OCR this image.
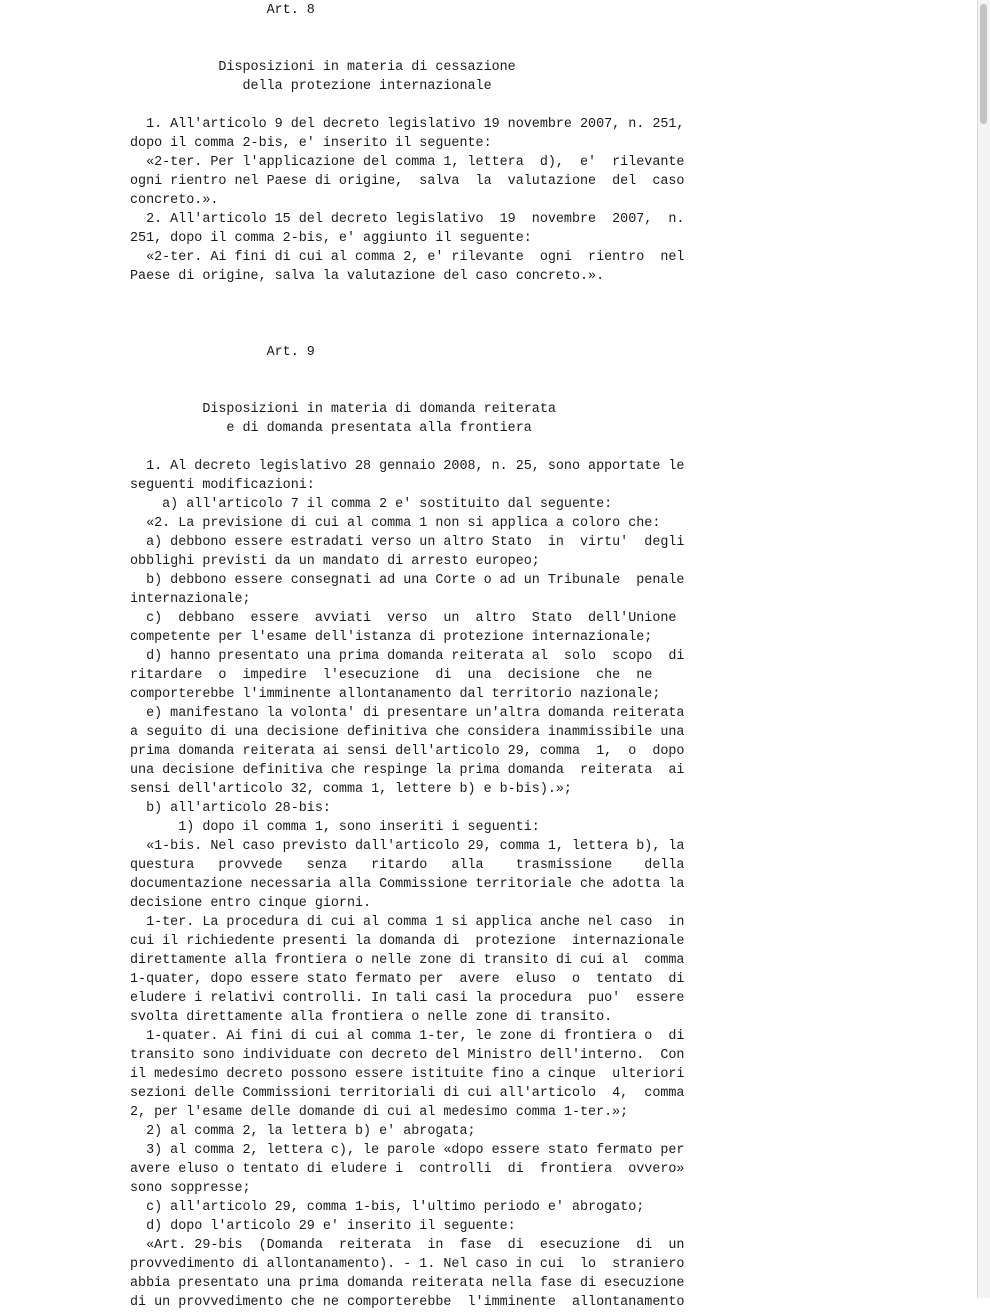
Art. 8
Disposizioni in materia di cessazione
della protezione internazionale
1. All'articolo 9 del decreto legislativo 19 novembre 2007, n. 251,
dopo il comma 2-bis, e' inserito il seguente:
«2-ter. Per l'applicazione del comma 1, lettera  d),  e'  rilevante
ogni rientro nel Paese di origine,  salva  la  valutazione  del  caso
concreto.».
2. All'articolo 15 del decreto legislativo  19  novembre  2007,  n.
251, dopo il comma 2-bis, e' aggiunto il seguente:
«2-ter. Ai fini di cui al comma 2, e' rilevante  ogni  rientro  nel
Paese di origine, salva la valutazione del caso concreto.».
Art. 9
Disposizioni in materia di domanda reiterata
e di domanda presentata alla frontiera
1. Al decreto legislativo 28 gennaio 2008, n. 25, sono apportate le
seguenti modificazioni:
a) all'articolo 7 il comma 2 e' sostituito dal seguente:
«2. La previsione di cui al comma 1 non si applica a coloro che:
a) debbono essere estradati verso un altro Stato  in  virtu'  degli
obblighi previsti da un mandato di arresto europeo;
b) debbono essere consegnati ad una Corte o ad un Tribunale  penale
internazionale;
c)  debbano  essere  avviati  verso  un  altro  Stato  dell'Unione
competente per l'esame dell'istanza di protezione internazionale;
d) hanno presentato una prima domanda reiterata al  solo  scopo  di
ritardare  o  impedire  l'esecuzione  di  una  decisione  che  ne
comporterebbe l'imminente allontanamento dal territorio nazionale;
e) manifestano la volonta' di presentare un'altra domanda reiterata
a seguito di una decisione definitiva che considera inammissibile una
prima domanda reiterata ai sensi dell'articolo 29, comma  1,  o  dopo
una decisione definitiva che respinge la prima domanda  reiterata  ai
sensi dell'articolo 32, comma 1, lettere b) e b-bis).»;
b) all'articolo 28-bis:
1) dopo il comma 1, sono inseriti i seguenti:
«1-bis. Nel caso previsto dall'articolo 29, comma 1, lettera b), la
questura   provvede   senza   ritardo   alla    trasmissione    della
documentazione necessaria alla Commissione territoriale che adotta la
decisione entro cinque giorni.
1-ter. La procedura di cui al comma 1 si applica anche nel caso  in
cui il richiedente presenti la domanda di  protezione  internazionale
direttamente alla frontiera o nelle zone di transito di cui al  comma
1-quater, dopo essere stato fermato per  avere  eluso  o  tentato  di
eludere i relativi controlli. In tali casi la procedura  puo'  essere
svolta direttamente alla frontiera o nelle zone di transito.
1-quater. Ai fini di cui al comma 1-ter, le zone di frontiera o  di
transito sono individuate con decreto del Ministro dell'interno.  Con
il medesimo decreto possono essere istituite fino a cinque  ulteriori
sezioni delle Commissioni territoriali di cui all'articolo  4,  comma
2, per l'esame delle domande di cui al medesimo comma 1-ter.»;
2) al comma 2, la lettera b) e' abrogata;
3) al comma 2, lettera c), le parole «dopo essere stato fermato per
avere eluso o tentato di eludere i  controlli  di  frontiera  ovvero»
sono soppresse;
c) all'articolo 29, comma 1-bis, l'ultimo periodo e' abrogato;
d) dopo l'articolo 29 e' inserito il seguente:
«Art. 29-bis  (Domanda  reiterata  in  fase  di  esecuzione  di  un
provvedimento di allontanamento). - 1. Nel caso in cui  lo  straniero
abbia presentato una prima domanda reiterata nella fase di esecuzione
di un provvedimento che ne comporterebbe  l'imminente  allontanamento
